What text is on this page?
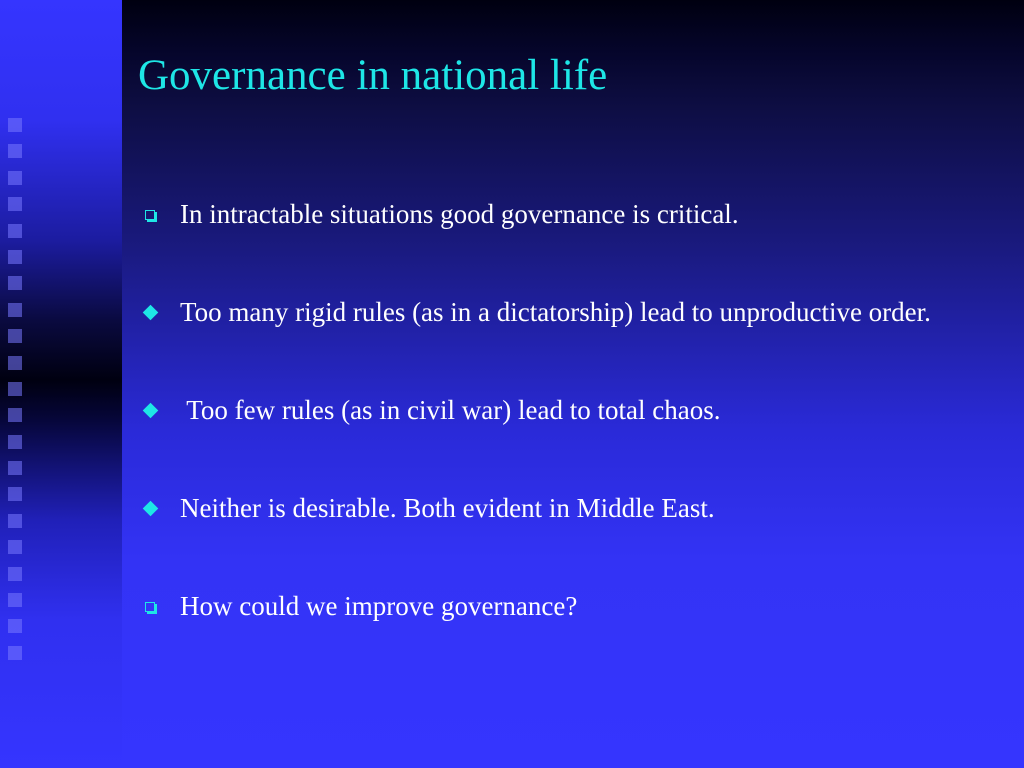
Governance in national life
In intractable situations good governance is critical.
Too many rigid rules (as in a dictatorship) lead to unproductive order.
Too few rules (as in civil war) lead to total chaos.
Neither is desirable. Both evident in Middle East.
How could we improve governance?
